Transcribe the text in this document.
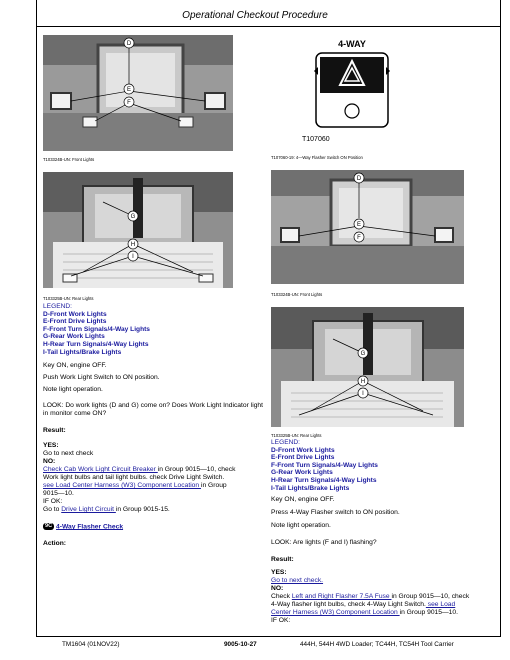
Operational Checkout Procedure
D
E
F
T103324B-UN: Front Lights
4-WAY
T107060
T107060-19: 4—Way Flasher Switch ON Position
G
H
I
T103325B-UN: Rear Lights
D
E
F
T103324B-UN: Front Lights
G
H
I
T103325B-UN: Rear Lights
LEGEND:
D-Front Work Lights
E-Front Drive Lights
F-Front Turn Signals/4-Way Lights
G-Rear Work Lights
H-Rear Turn Signals/4-Way Lights
I-Tail Lights/Brake Lights
Key ON, engine OFF.
Push Work Light Switch to ON position.
Note light operation.
LOOK: Do work lights (D and G) come on? Does Work Light Indicator light in monitor come ON?
Result:
YES:
Go to next check
NO:
Check Cab Work Light Circuit Breaker in Group 9015—10, check
Work light bulbs and tail light bulbs. check Drive Light Switch.
see Load Center Harness (W3) Component Location in Group
9015—10.
IF OK:
Go to Drive Light Circuit in Group 9015-15.
9C 4-Way Flasher Check
Action:
LEGEND:
D-Front Work Lights
E-Front Drive Lights
F-Front Turn Signals/4-Way Lights
G-Rear Work Lights
H-Rear Turn Signals/4-Way Lights
I-Tail Lights/Brake Lights
Key ON, engine OFF.
Press 4-Way Flasher switch to ON position.
Note light operation.
LOOK: Are lights (F and I) flashing?
Result:
YES:
Go to next check.
NO:
Check Left and Right Flasher 7.5A Fuse in Group 9015—10, check
4-Way flasher light bulbs, check 4-Way Light Switch. see Load
Center Harness (W3) Component Location in Group 9015—10.
IF OK:
TM1604 (01NOV22)	9005-10-27	444H, 544H 4WD Loader; TC44H, TC54H Tool Carrier
